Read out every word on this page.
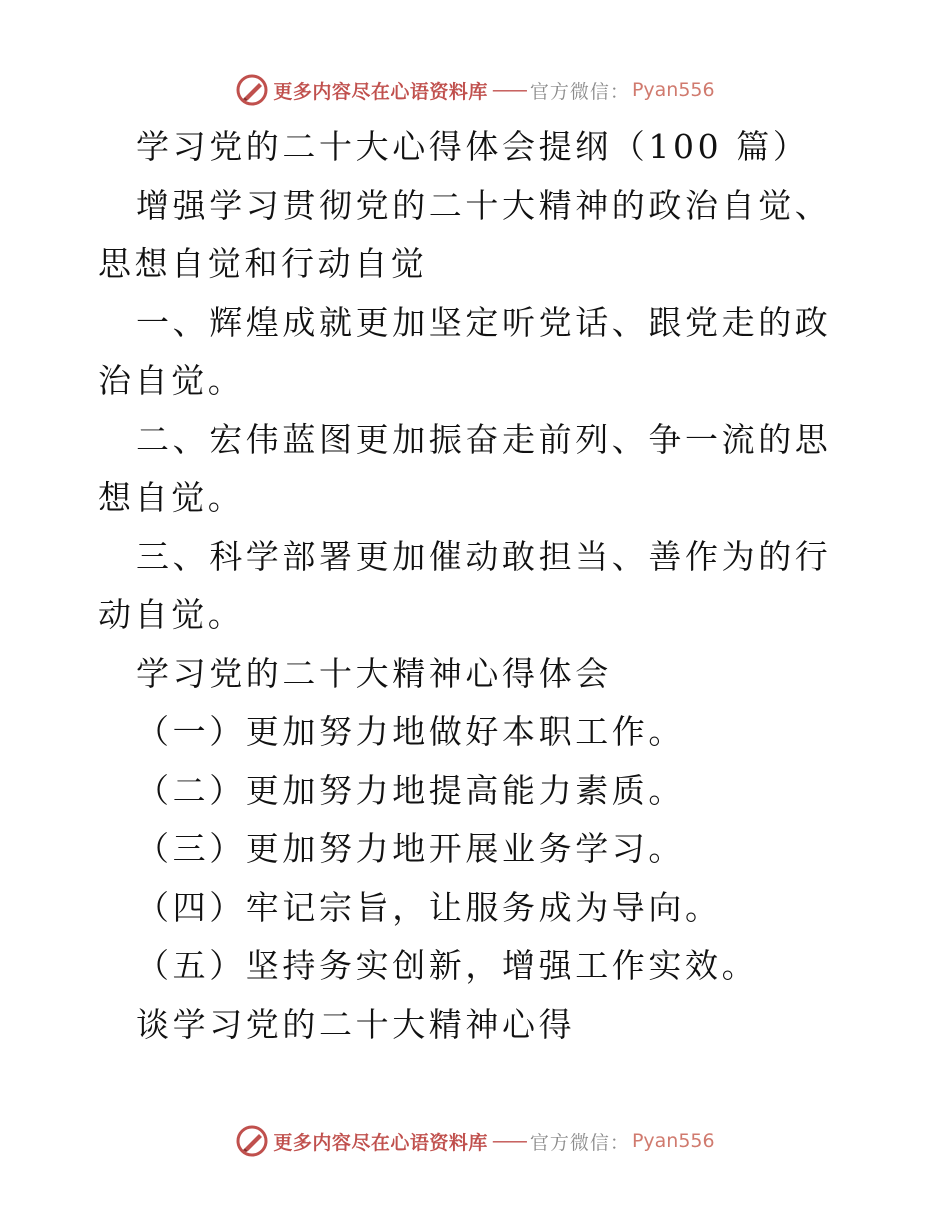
更多内容尽在心语资料库 —— 官方微信： Pyan556

学习党的二十大心得体会提纲（100 篇）

增强学习贯彻党的二十大精神的政治自觉、思想自觉和行动自觉

一、辉煌成就更加坚定听党话、跟党走的政治自觉。

二、宏伟蓝图更加振奋走前列、争一流的思想自觉。

三、科学部署更加催动敢担当、善作为的行动自觉。

学习党的二十大精神心得体会

（一）更加努力地做好本职工作。

（二）更加努力地提高能力素质。

（三）更加努力地开展业务学习。

（四）牢记宗旨，让服务成为导向。

（五）坚持务实创新，增强工作实效。

谈学习党的二十大精神心得

更多内容尽在心语资料库 —— 官方微信： Pyan556
